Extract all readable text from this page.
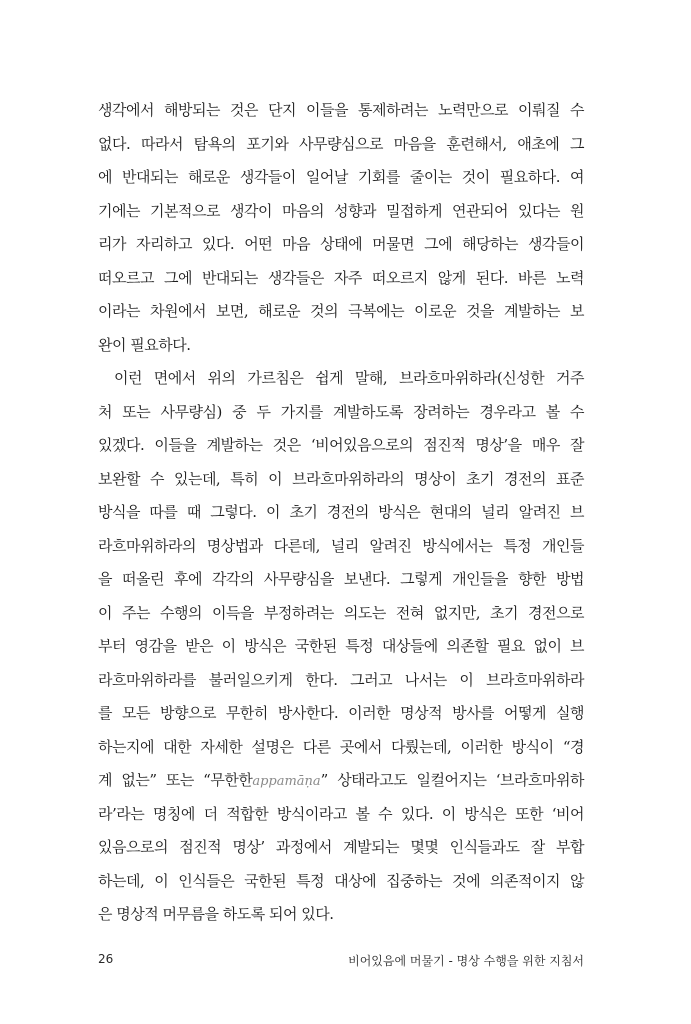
생각에서 해방되는 것은 단지 이들을 통제하려는 노력만으로 이뤄질 수
없다. 따라서 탐욕의 포기와 사무량심으로 마음을 훈련해서, 애초에 그
에 반대되는 해로운 생각들이 일어날 기회를 줄이는 것이 필요하다. 여
기에는 기본적으로 생각이 마음의 성향과 밀접하게 연관되어 있다는 원
리가 자리하고 있다. 어떤 마음 상태에 머물면 그에 해당하는 생각들이
떠오르고 그에 반대되는 생각들은 자주 떠오르지 않게 된다. 바른 노력
이라는 차원에서 보면, 해로운 것의 극복에는 이로운 것을 계발하는 보
완이 필요하다.
이런 면에서 위의 가르침은 쉽게 말해, 브라흐마위하라(신성한 거주
처 또는 사무량심) 중 두 가지를 계발하도록 장려하는 경우라고 볼 수
있겠다. 이들을 계발하는 것은 ‘비어있음으로의 점진적 명상’을 매우 잘
보완할 수 있는데, 특히 이 브라흐마위하라의 명상이 초기 경전의 표준
방식을 따를 때 그렇다. 이 초기 경전의 방식은 현대의 널리 알려진 브
라흐마위하라의 명상법과 다른데, 널리 알려진 방식에서는 특정 개인들
을 떠올린 후에 각각의 사무량심을 보낸다. 그렇게 개인들을 향한 방법
이 주는 수행의 이득을 부정하려는 의도는 전혀 없지만, 초기 경전으로
부터 영감을 받은 이 방식은 국한된 특정 대상들에 의존할 필요 없이 브
라흐마위하라를 불러일으키게 한다. 그러고 나서는 이 브라흐마위하라
를 모든 방향으로 무한히 방사한다. 이러한 명상적 방사를 어떻게 실행
하는지에 대한 자세한 설명은 다른 곳에서 다뤘는데, 이러한 방식이 “경
계 없는” 또는 “무한한appamāṇa” 상태라고도 일컬어지는 ‘브라흐마위하
라’라는 명칭에 더 적합한 방식이라고 볼 수 있다. 이 방식은 또한 ‘비어
있음으로의 점진적 명상’ 과정에서 계발되는 몇몇 인식들과도 잘 부합
하는데, 이 인식들은 국한된 특정 대상에 집중하는 것에 의존적이지 않
은 명상적 머무름을 하도록 되어 있다.
26	비어있음에 머물기 - 명상 수행을 위한 지침서
